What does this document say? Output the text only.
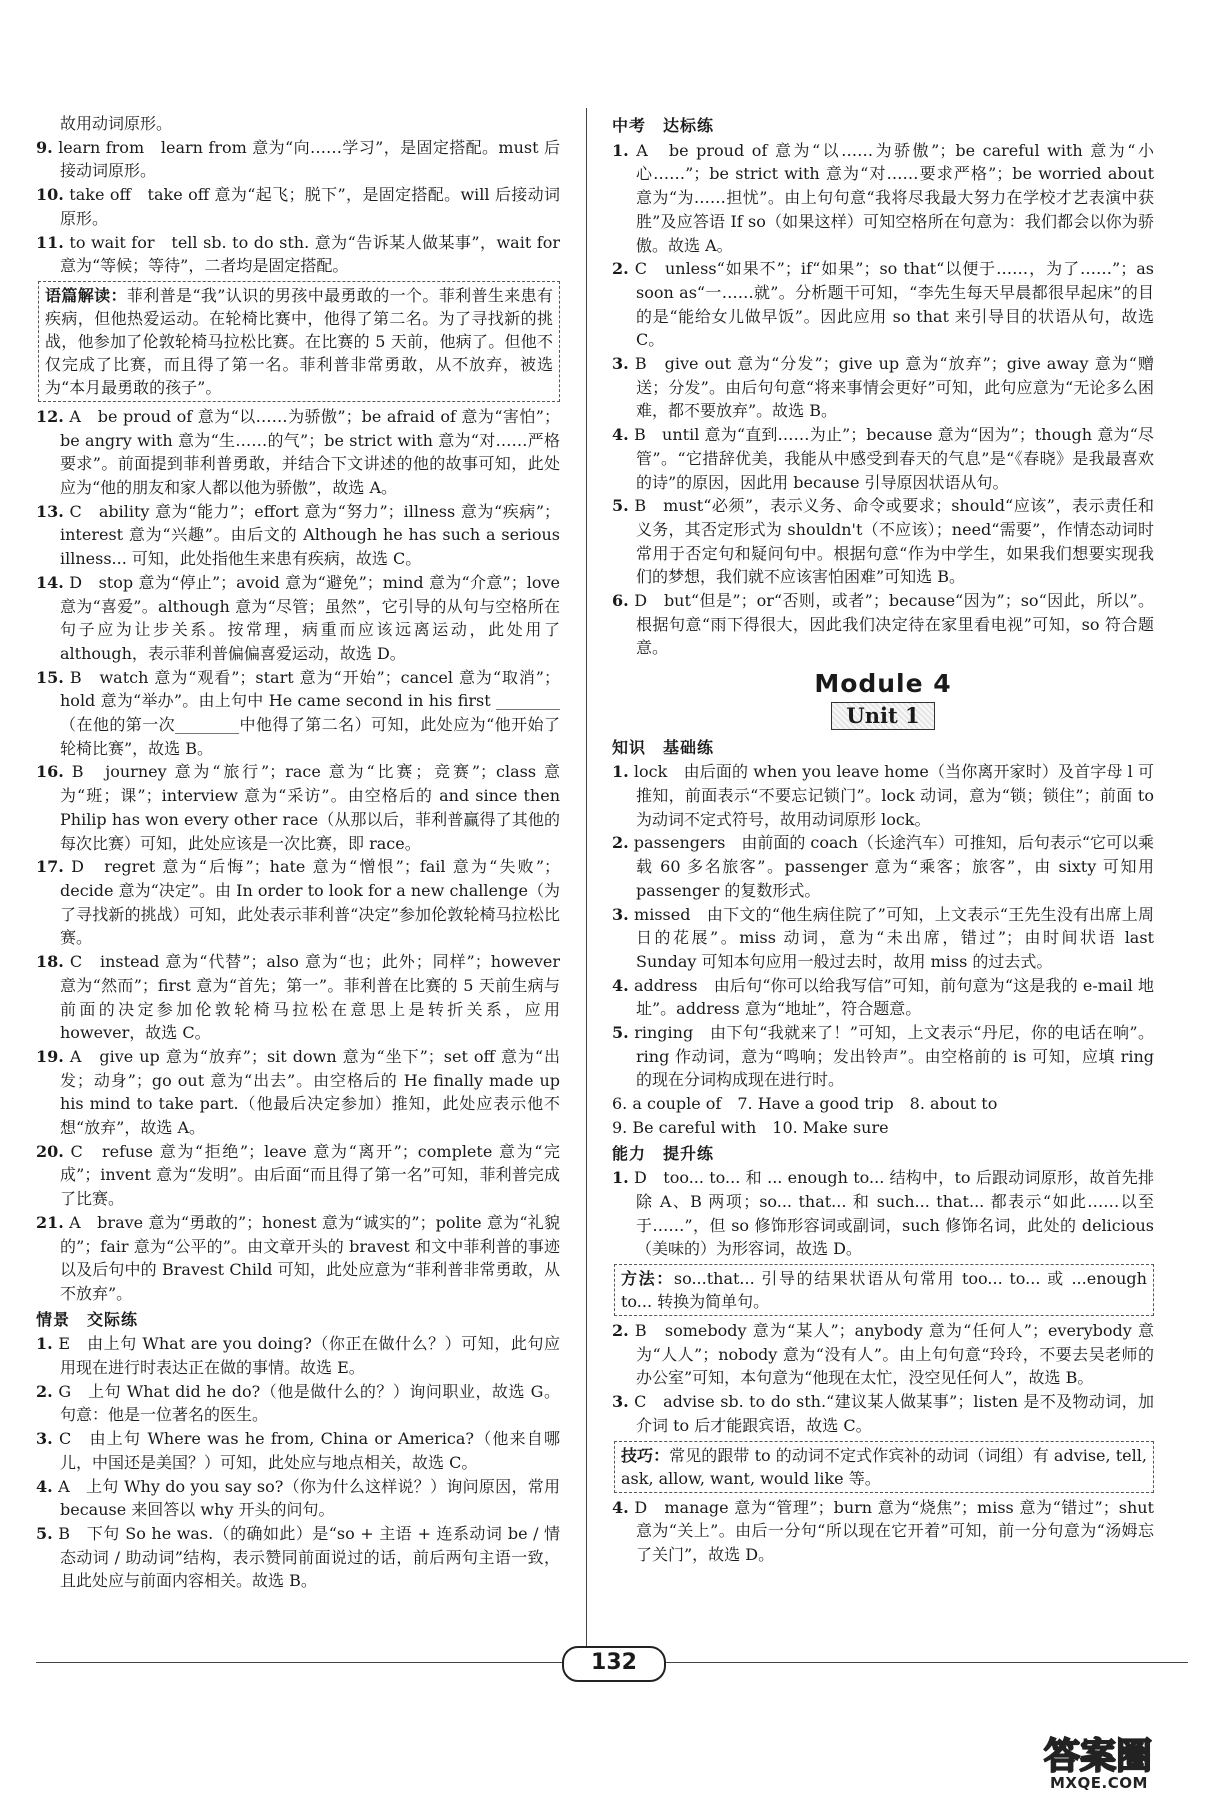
故用动词原形。

9. learn from　learn from 意为“向……学习”，是固定搭配。must 后接动词原形。

10. take off　take off 意为“起飞；脱下”，是固定搭配。will 后接动词原形。

11. to wait for　tell sb. to do sth. 意为“告诉某人做某事”，wait for 意为“等候；等待”，二者均是固定搭配。

语篇解读：菲利普是“我”认识的男孩中最勇敢的一个。菲利普生来患有疾病，但他热爱运动。在轮椅比赛中，他得了第二名。为了寻找新的挑战，他参加了伦敦轮椅马拉松比赛。在比赛的 5 天前，他病了。但他不仅完成了比赛，而且得了第一名。菲利普非常勇敢，从不放弃，被选为“本月最勇敢的孩子”。

12. A　be proud of 意为“以……为骄傲”；be afraid of 意为“害怕”；be angry with 意为“生……的气”；be strict with 意为“对……严格要求”。前面提到菲利普勇敢，并结合下文讲述的他的故事可知，此处应为“他的朋友和家人都以他为骄傲”，故选 A。

13. C　ability 意为“能力”；effort 意为“努力”；illness 意为“疾病”；interest 意为“兴趣”。由后文的 Although he has such a serious illness... 可知，此处指他生来患有疾病，故选 C。

14. D　stop 意为“停止”；avoid 意为“避免”；mind 意为“介意”；love 意为“喜爱”。although 意为“尽管；虽然”，它引导的从句与空格所在句子应为让步关系。按常理，病重而应该远离运动，此处用了 although，表示菲利普偏偏喜爱运动，故选 D。

15. B　watch 意为“观看”；start 意为“开始”；cancel 意为“取消”；hold 意为“举办”。由上句中 He came second in his first ________（在他的第一次________中他得了第二名）可知，此处应为“他开始了轮椅比赛”，故选 B。

16. B　journey 意为“旅行”；race 意为“比赛；竞赛”；class 意为“班；课”；interview 意为“采访”。由空格后的 and since then Philip has won every other race（从那以后，菲利普赢得了其他的每次比赛）可知，此处应该是一次比赛，即 race。

17. D　regret 意为“后悔”；hate 意为“憎恨”；fail 意为“失败”；decide 意为“决定”。由 In order to look for a new challenge（为了寻找新的挑战）可知，此处表示菲利普“决定”参加伦敦轮椅马拉松比赛。

18. C　instead 意为“代替”；also 意为“也；此外；同样”；however 意为“然而”；first 意为“首先；第一”。菲利普在比赛的 5 天前生病与前面的决定参加伦敦轮椅马拉松在意思上是转折关系，应用 however，故选 C。

19. A　give up 意为“放弃”；sit down 意为“坐下”；set off 意为“出发；动身”；go out 意为“出去”。由空格后的 He finally made up his mind to take part.（他最后决定参加）推知，此处应表示他不想“放弃”，故选 A。

20. C　refuse 意为“拒绝”；leave 意为“离开”；complete 意为“完成”；invent 意为“发明”。由后面“而且得了第一名”可知，菲利普完成了比赛。

21. A　brave 意为“勇敢的”；honest 意为“诚实的”；polite 意为“礼貌的”；fair 意为“公平的”。由文章开头的 bravest 和文中菲利普的事迹以及后句中的 Bravest Child 可知，此处应意为“菲利普非常勇敢，从不放弃”。

情景　交际练

1. E　由上句 What are you doing?（你正在做什么？）可知，此句应用现在进行时表达正在做的事情。故选 E。

2. G　上句 What did he do?（他是做什么的？）询问职业，故选 G。句意：他是一位著名的医生。

3. C　由上句 Where was he from, China or America?（他来自哪儿，中国还是美国？）可知，此处应与地点相关，故选 C。

4. A　上句 Why do you say so?（你为什么这样说？）询问原因，常用 because 来回答以 why 开头的问句。

5. B　下句 So he was.（的确如此）是“so + 主语 + 连系动词 be / 情态动词 / 助动词”结构，表示赞同前面说过的话，前后两句主语一致，且此处应与前面内容相关。故选 B。

中考　达标练

1. A　be proud of 意为“以……为骄傲”；be careful with 意为“小心……”；be strict with 意为“对……要求严格”；be worried about 意为“为……担忧”。由上句句意“我将尽我最大努力在学校才艺表演中获胜”及应答语 If so（如果这样）可知空格所在句意为：我们都会以你为骄傲。故选 A。

2. C　unless“如果不”；if“如果”；so that“以便于……，为了……”；as soon as“一……就”。分析题干可知，“李先生每天早晨都很早起床”的目的是“能给女儿做早饭”。因此应用 so that 来引导目的状语从句，故选 C。

3. B　give out 意为“分发”；give up 意为“放弃”；give away 意为“赠送；分发”。由后句句意“将来事情会更好”可知，此句应意为“无论多么困难，都不要放弃”。故选 B。

4. B　until 意为“直到……为止”；because 意为“因为”；though 意为“尽管”。“它措辞优美，我能从中感受到春天的气息”是“《春晓》是我最喜欢的诗”的原因，因此用 because 引导原因状语从句。

5. B　must“必须”，表示义务、命令或要求；should“应该”，表示责任和义务，其否定形式为 shouldn't（不应该）；need“需要”，作情态动词时常用于否定句和疑问句中。根据句意“作为中学生，如果我们想要实现我们的梦想，我们就不应该害怕困难”可知选 B。

6. D　but“但是”；or“否则，或者”；because“因为”；so“因此，所以”。根据句意“雨下得很大，因此我们决定待在家里看电视”可知，so 符合题意。

Module 4
Unit 1
知识　基础练

1. lock　由后面的 when you leave home（当你离开家时）及首字母 l 可推知，前面表示“不要忘记锁门”。lock 动词，意为“锁；锁住”；前面 to 为动词不定式符号，故用动词原形 lock。

2. passengers　由前面的 coach（长途汽车）可推知，后句表示“它可以乘载 60 多名旅客”。passenger 意为“乘客；旅客”，由 sixty 可知用 passenger 的复数形式。

3. missed　由下文的“他生病住院了”可知，上文表示“王先生没有出席上周日的花展”。miss 动词，意为“未出席，错过”；由时间状语 last Sunday 可知本句应用一般过去时，故用 miss 的过去式。

4. address　由后句“你可以给我写信”可知，前句意为“这是我的 e-mail 地址”。address 意为“地址”，符合题意。

5. ringing　由下句“我就来了！”可知，上文表示“丹尼，你的电话在响”。ring 作动词，意为“鸣响；发出铃声”。由空格前的 is 可知，应填 ring 的现在分词构成现在进行时。

6. a couple of　7. Have a good trip　8. about to

9. Be careful with　10. Make sure

能力　提升练

1. D　too... to... 和 ... enough to... 结构中，to 后跟动词原形，故首先排除 A、B 两项；so... that... 和 such... that... 都表示“如此……以至于……”，但 so 修饰形容词或副词，such 修饰名词，此处的 delicious（美味的）为形容词，故选 D。

方法：so...that... 引导的结果状语从句常用 too... to... 或 ...enough to... 转换为简单句。

2. B　somebody 意为“某人”；anybody 意为“任何人”；everybody 意为“人人”；nobody 意为“没有人”。由上句句意“玲玲，不要去吴老师的办公室”可知，本句意为“他现在太忙，没空见任何人”，故选 B。

3. C　advise sb. to do sth.“建议某人做某事”；listen 是不及物动词，加介词 to 后才能跟宾语，故选 C。

技巧：常见的跟带 to 的动词不定式作宾补的动词（词组）有 advise, tell, ask, allow, want, would like 等。

4. D　manage 意为“管理”；burn 意为“烧焦”；miss 意为“错过”；shut 意为“关上”。由后一分句“所以现在它开着”可知，前一分句意为“汤姆忘了关门”，故选 D。

132
答案圈
MXQE.COM
